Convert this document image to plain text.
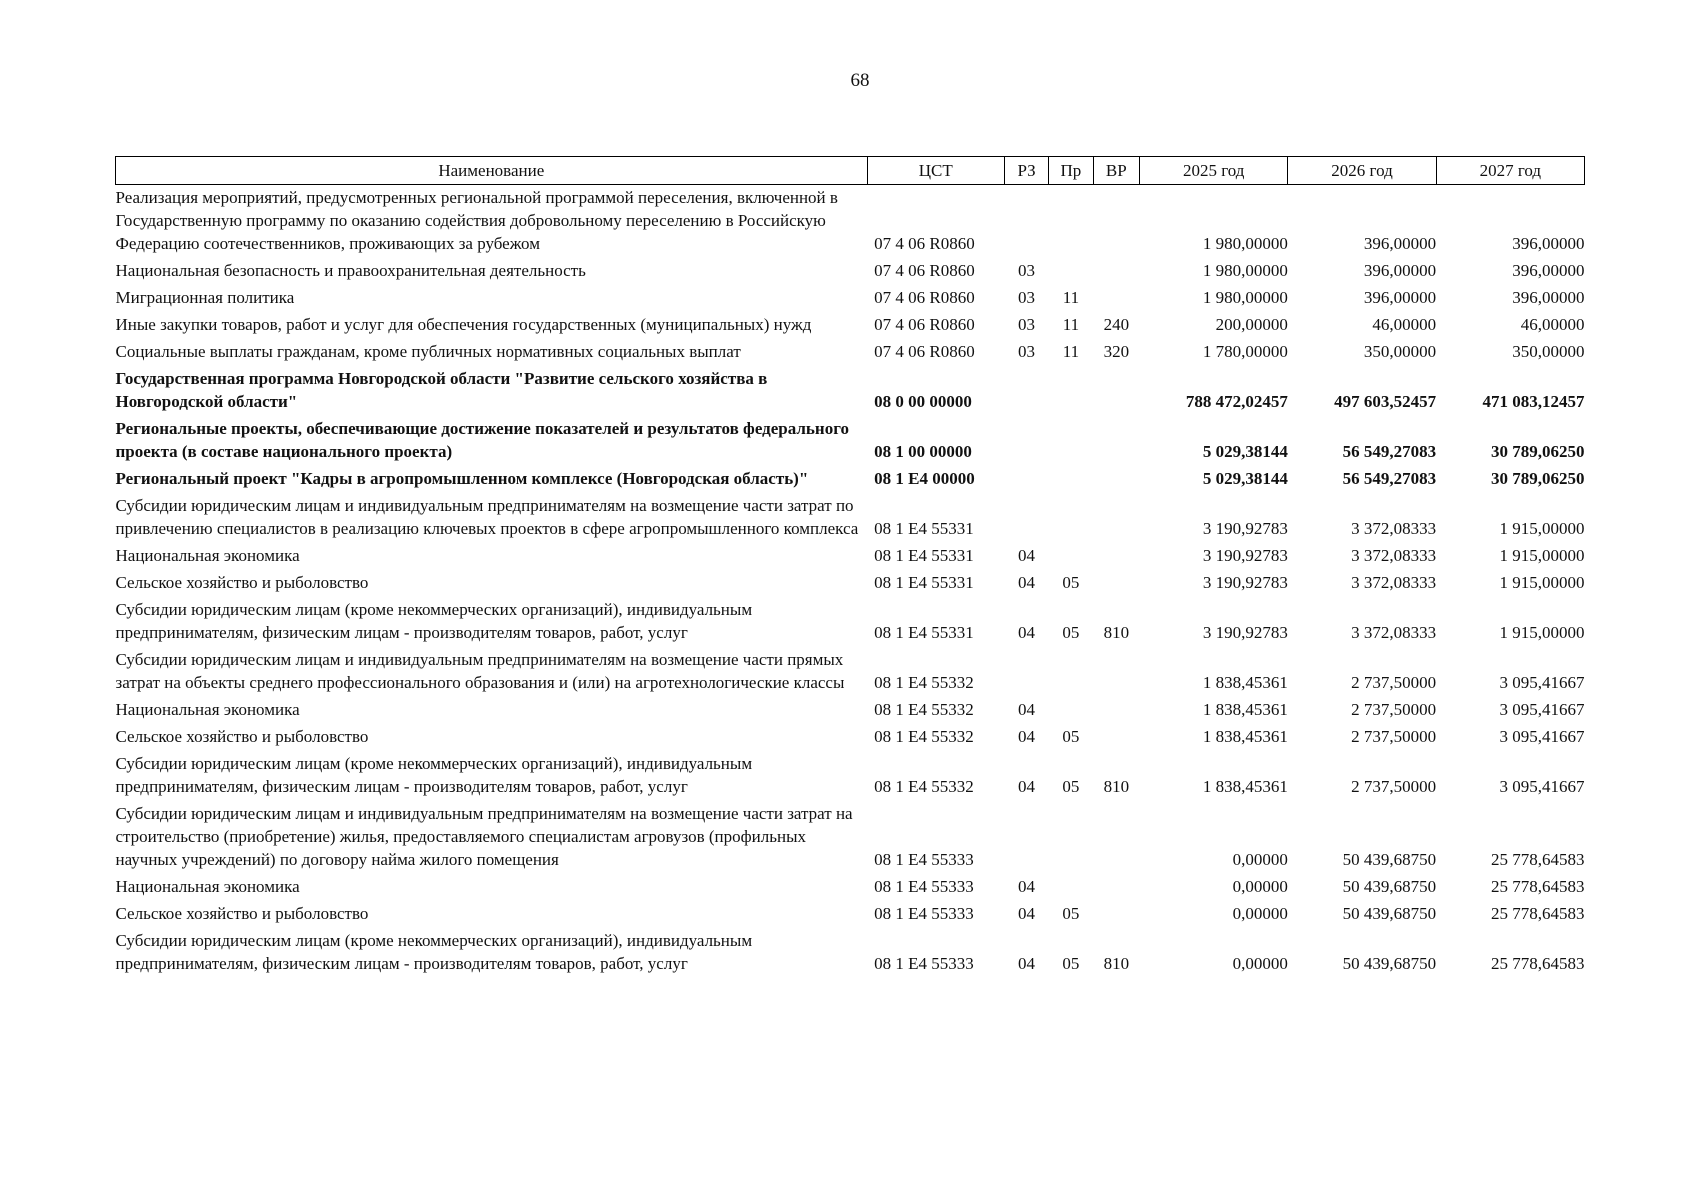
68
Наименование	ЦСТ	РЗ	Пр	ВР	2025 год	2026 год	2027 год
Реализация мероприятий, предусмотренных региональной программой переселения, включенной в Государственную программу по оказанию содействия добровольному переселению в Российскую Федерацию соотечественников, проживающих за рубежом	07 4 06 R0860				1 980,00000	396,00000	396,00000
Национальная безопасность и правоохранительная деятельность	07 4 06 R0860	03			1 980,00000	396,00000	396,00000
Миграционная политика	07 4 06 R0860	03	11		1 980,00000	396,00000	396,00000
Иные закупки товаров, работ и услуг для обеспечения государственных (муниципальных) нужд	07 4 06 R0860	03	11	240	200,00000	46,00000	46,00000
Социальные выплаты гражданам, кроме публичных нормативных социальных выплат	07 4 06 R0860	03	11	320	1 780,00000	350,00000	350,00000
Государственная программа Новгородской области "Развитие сельского хозяйства в Новгородской области"	08 0 00 00000				788 472,02457	497 603,52457	471 083,12457
Региональные проекты, обеспечивающие достижение показателей и результатов федерального проекта (в составе национального проекта)	08 1 00 00000				5 029,38144	56 549,27083	30 789,06250
Региональный проект "Кадры в агропромышленном комплексе (Новгородская область)"	08 1 Е4 00000				5 029,38144	56 549,27083	30 789,06250
Субсидии юридическим лицам и индивидуальным предпринимателям на возмещение части затрат по привлечению специалистов в реализацию ключевых проектов в сфере агропромышленного комплекса	08 1 Е4 55331				3 190,92783	3 372,08333	1 915,00000
Национальная экономика	08 1 Е4 55331	04			3 190,92783	3 372,08333	1 915,00000
Сельское хозяйство и рыболовство	08 1 Е4 55331	04	05		3 190,92783	3 372,08333	1 915,00000
Субсидии юридическим лицам (кроме некоммерческих организаций), индивидуальным предпринимателям, физическим лицам - производителям товаров, работ, услуг	08 1 Е4 55331	04	05	810	3 190,92783	3 372,08333	1 915,00000
Субсидии юридическим лицам и индивидуальным предпринимателям на возмещение части прямых затрат на объекты среднего профессионального образования и (или) на агротехнологические классы	08 1 Е4 55332				1 838,45361	2 737,50000	3 095,41667
Национальная экономика	08 1 Е4 55332	04			1 838,45361	2 737,50000	3 095,41667
Сельское хозяйство и рыболовство	08 1 Е4 55332	04	05		1 838,45361	2 737,50000	3 095,41667
Субсидии юридическим лицам (кроме некоммерческих организаций), индивидуальным предпринимателям, физическим лицам - производителям товаров, работ, услуг	08 1 Е4 55332	04	05	810	1 838,45361	2 737,50000	3 095,41667
Субсидии юридическим лицам и индивидуальным предпринимателям на возмещение части затрат на строительство (приобретение) жилья, предоставляемого специалистам агровузов (профильных научных учреждений) по договору найма жилого помещения	08 1 Е4 55333				0,00000	50 439,68750	25 778,64583
Национальная экономика	08 1 Е4 55333	04			0,00000	50 439,68750	25 778,64583
Сельское хозяйство и рыболовство	08 1 Е4 55333	04	05		0,00000	50 439,68750	25 778,64583
Субсидии юридическим лицам (кроме некоммерческих организаций), индивидуальным предпринимателям, физическим лицам - производителям товаров, работ, услуг	08 1 Е4 55333	04	05	810	0,00000	50 439,68750	25 778,64583
